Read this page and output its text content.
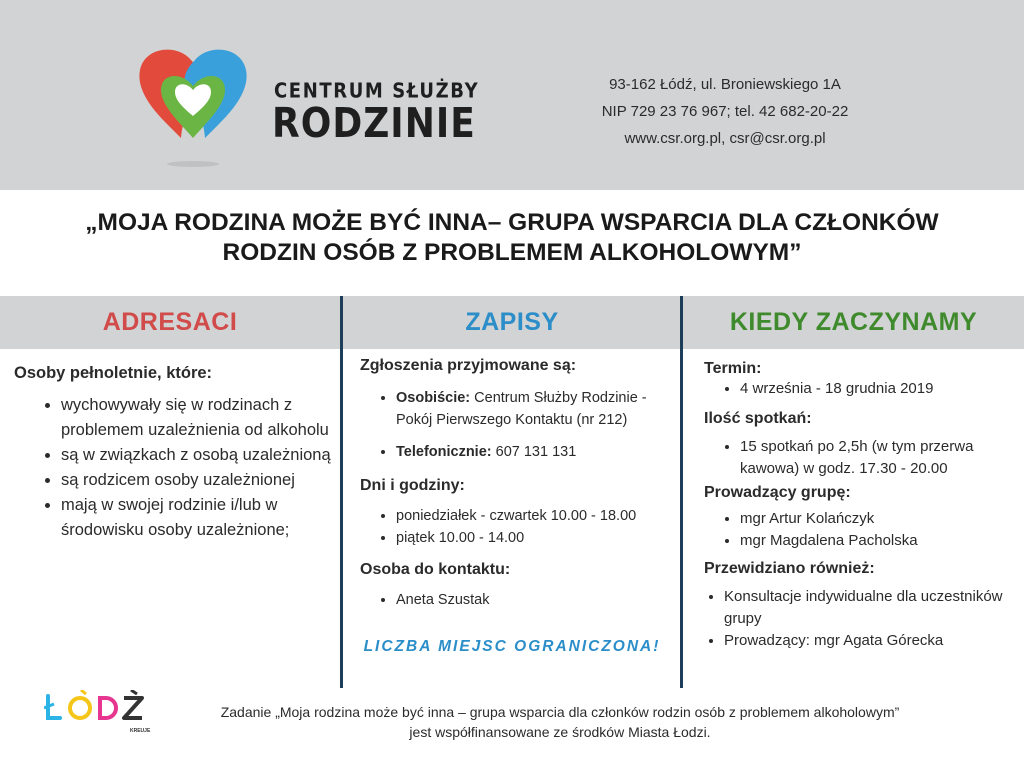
CENTRUM SŁUŻBY
RODZINIE
93-162 Łódź, ul. Broniewskiego 1A
NIP 729 23 76 967; tel. 42 682-20-22
www.csr.org.pl, csr@csr.org.pl
„MOJA RODZINA MOŻE BYĆ INNA– GRUPA WSPARCIA DLA CZŁONKÓW
RODZIN OSÓB Z PROBLEMEM ALKOHOLOWYM”
ADRESACI	ZAPISY	KIEDY ZACZYNAMY

Osoby pełnoletnie, które:

• wychowywały się w rodzinach z problemem uzależnienia od alkoholu
• są w związkach z osobą uzależnioną
• są rodzicem osoby uzależnionej
• mają w swojej rodzinie i/lub w środowisku osoby uzależnione;

Zgłoszenia przyjmowane są:

• Osobiście: Centrum Służby Rodzinie - Pokój Pierwszego Kontaktu (nr 212)
• Telefonicznie: 607 131 131

Dni i godziny:

• poniedziałek - czwartek 10.00 - 18.00
• piątek 10.00 - 14.00

Osoba do kontaktu:

• Aneta Szustak
LICZBA MIEJSC OGRANICZONA!

Termin:

• 4 września - 18 grudnia 2019

Ilość spotkań:

• 15 spotkań po 2,5h (w tym przerwa kawowa) w godz. 17.30 - 20.00

Prowadzący grupę:

• mgr Artur Kolańczyk
• mgr Magdalena Pacholska

Przewidziano również:

• Konsultacje indywidualne dla uczestników grupy
• Prowadzący: mgr Agata Górecka
KREUJE
Zadanie „Moja rodzina może być inna – grupa wsparcia dla członków rodzin osób z problemem alkoholowym”
jest współfinansowane ze środków Miasta Łodzi.
